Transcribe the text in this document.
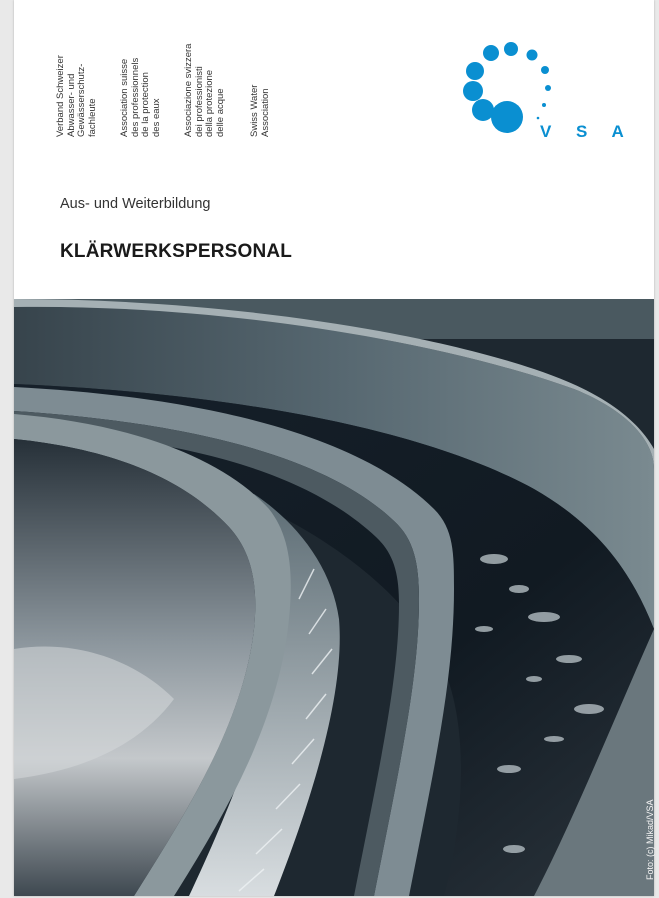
Verband Schweizer Abwasser- und Gewässerschutz- fachleute Association suisse des professionnels de la protection des eaux Associazione svizzera dei professionisti della protezione delle acque Swiss Water Association	V S A
Aus- und Weiterbildung
KLÄRWERKSPERSONAL
Foto: (c) Mikad/VSA
